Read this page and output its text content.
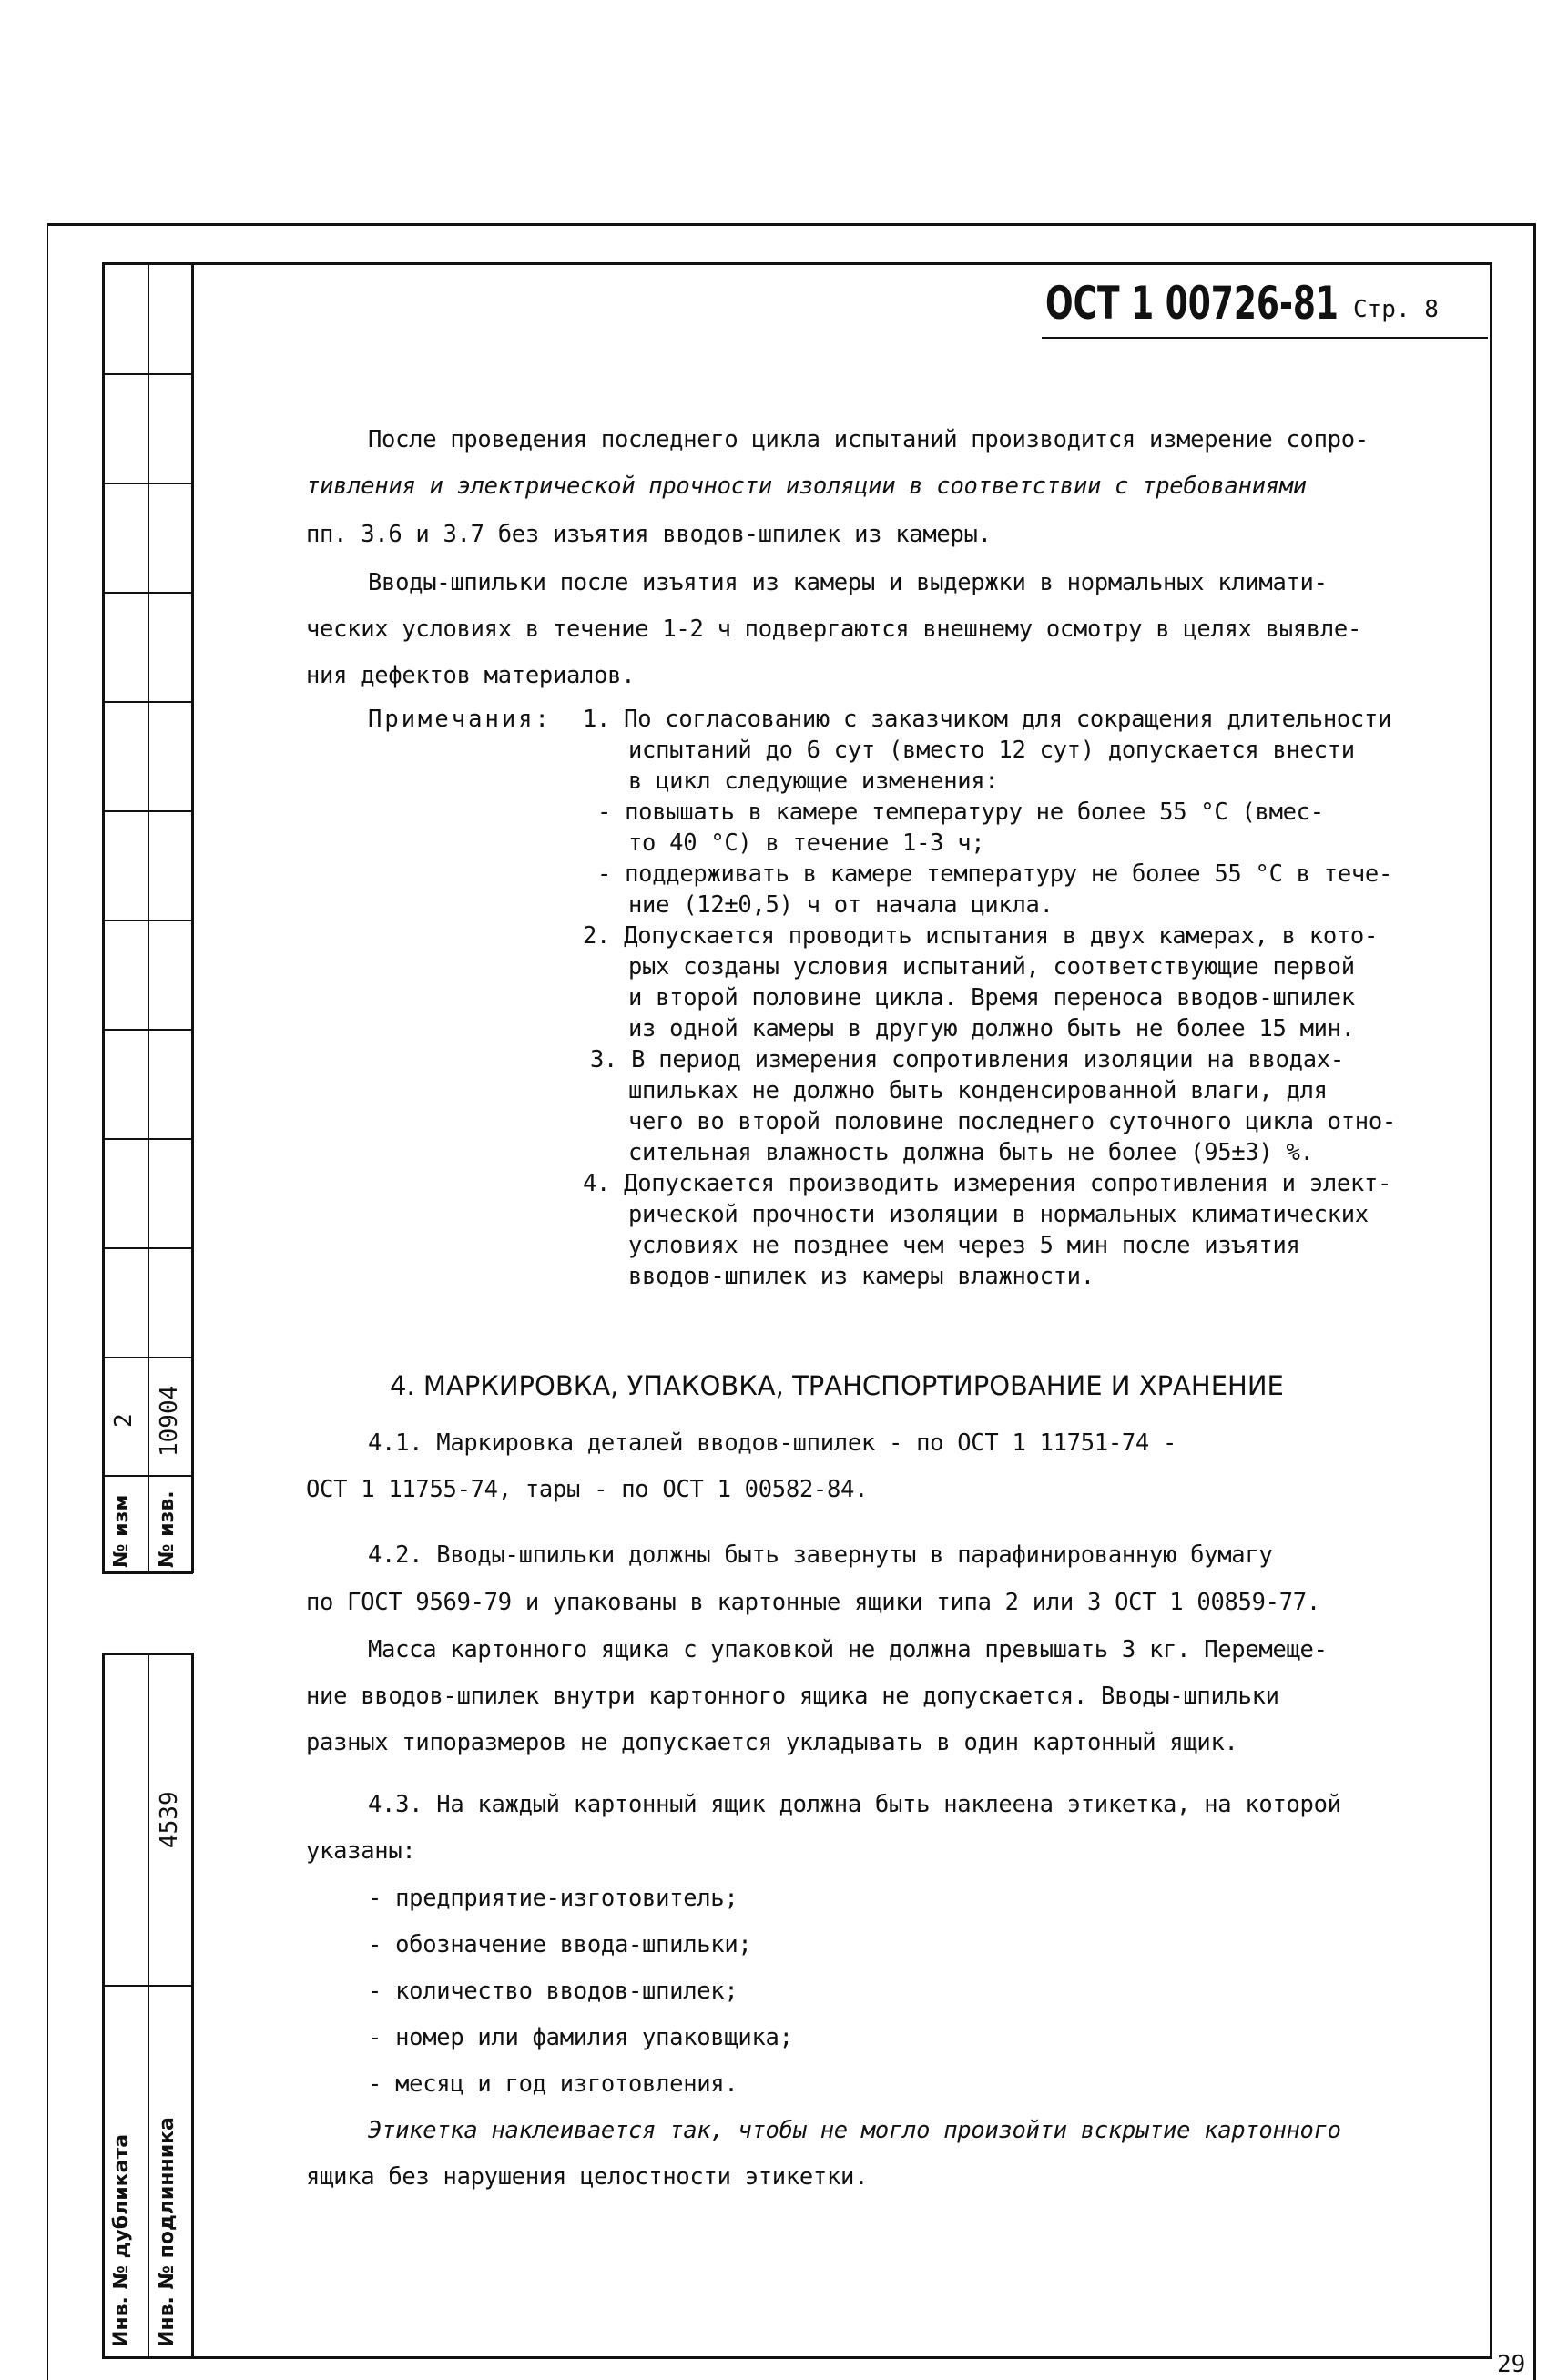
№ изм № изв.
2 10904
4539
Инв. № дубликата Инв. № подлинника
ОСТ 1 00726-81 Стр. 8
После проведения последнего цикла испытаний производится измерение сопро-
тивления и электрической прочности изоляции в соответствии с требованиями
пп. 3.6 и 3.7 без изъятия вводов-шпилек из камеры.
Вводы-шпильки после изъятия из камеры и выдержки в нормальных климати-
ческих условиях в течение 1-2 ч подвергаются внешнему осмотру в целях выявле-
ния дефектов материалов.
Примечания: 1. По согласованию с заказчиком для сокращения длительности
испытаний до 6 сут (вместо 12 сут) допускается внести
в цикл следующие изменения:
- повышать в камере температуру не более 55 °С (вмес-
то 40 °С) в течение 1-3 ч;
- поддерживать в камере температуру не более 55 °С в тече-
ние (12±0,5) ч от начала цикла.
2. Допускается проводить испытания в двух камерах, в кото-
рых созданы условия испытаний, соответствующие первой
и второй половине цикла. Время переноса вводов-шпилек
из одной камеры в другую должно быть не более 15 мин.
3. В период измерения сопротивления изоляции на вводах-
шпильках не должно быть конденсированной влаги, для
чего во второй половине последнего суточного цикла отно-
сительная влажность должна быть не более (95±3) %.
4. Допускается производить измерения сопротивления и элект-
рической прочности изоляции в нормальных климатических
условиях не позднее чем через 5 мин после изъятия
вводов-шпилек из камеры влажности.
4. МАРКИРОВКА, УПАКОВКА, ТРАНСПОРТИРОВАНИЕ И ХРАНЕНИЕ
4.1. Маркировка деталей вводов-шпилек - по ОСТ 1 11751-74 -
ОСТ 1 11755-74, тары - по ОСТ 1 00582-84.
4.2. Вводы-шпильки должны быть завернуты в парафинированную бумагу
по ГОСТ 9569-79 и упакованы в картонные ящики типа 2 или 3 ОСТ 1 00859-77.
Масса картонного ящика с упаковкой не должна превышать 3 кг. Перемеще-
ние вводов-шпилек внутри картонного ящика не допускается. Вводы-шпильки
разных типоразмеров не допускается укладывать в один картонный ящик.
4.3. На каждый картонный ящик должна быть наклеена этикетка, на которой
указаны:
- предприятие-изготовитель;
- обозначение ввода-шпильки;
- количество вводов-шпилек;
- номер или фамилия упаковщика;
- месяц и год изготовления.
Этикетка наклеивается так, чтобы не могло произойти вскрытие картонного
ящика без нарушения целостности этикетки.
29
